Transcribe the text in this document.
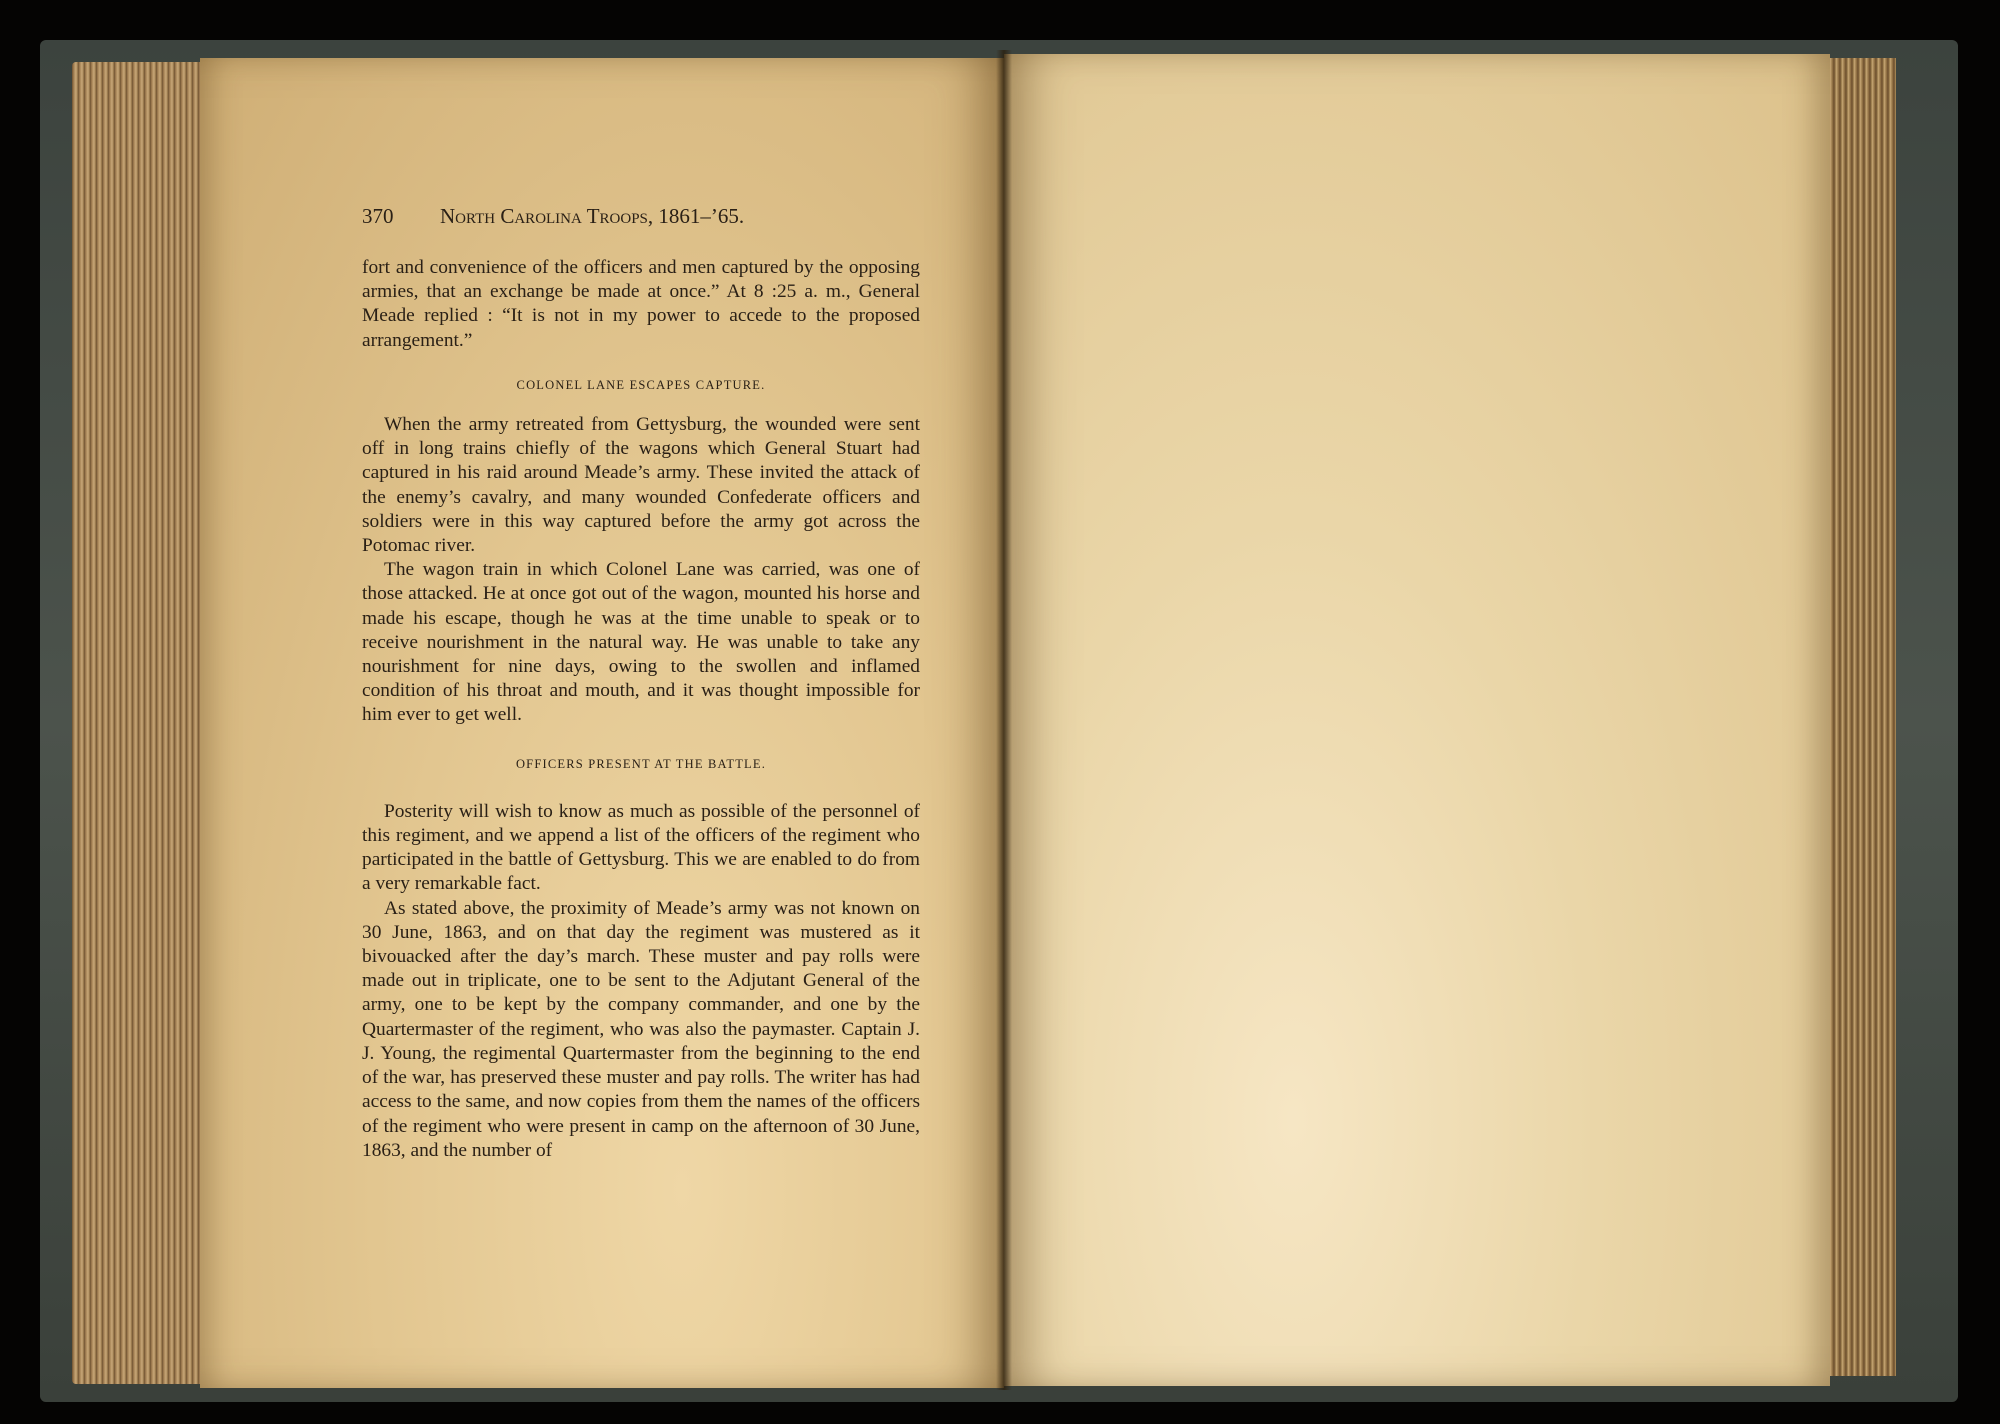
370 North Carolina Troops, 1861–’65.

fort and convenience of the officers and men captured by the opposing armies, that an exchange be made at once.” At 8 :25 a. m., General Meade replied : “It is not in my power to accede to the proposed arrangement.”

COLONEL LANE ESCAPES CAPTURE.

When the army retreated from Gettysburg, the wounded were sent off in long trains chiefly of the wagons which General Stuart had captured in his raid around Meade’s army. These invited the attack of the enemy’s cavalry, and many wounded Confederate officers and soldiers were in this way captured before the army got across the Potomac river.

The wagon train in which Colonel Lane was carried, was one of those attacked. He at once got out of the wagon, mounted his horse and made his escape, though he was at the time unable to speak or to receive nourishment in the natural way. He was unable to take any nourishment for nine days, owing to the swollen and inflamed condition of his throat and mouth, and it was thought impossible for him ever to get well.

OFFICERS PRESENT AT THE BATTLE.

Posterity will wish to know as much as possible of the personnel of this regiment, and we append a list of the officers of the regiment who participated in the battle of Gettysburg. This we are enabled to do from a very remarkable fact.

As stated above, the proximity of Meade’s army was not known on 30 June, 1863, and on that day the regiment was mustered as it bivouacked after the day’s march. These muster and pay rolls were made out in triplicate, one to be sent to the Adjutant General of the army, one to be kept by the company commander, and one by the Quartermaster of the regiment, who was also the paymaster. Captain J. J. Young, the regimental Quartermaster from the beginning to the end of the war, has preserved these muster and pay rolls. The writer has had access to the same, and now copies from them the names of the officers of the regiment who were present in camp on the afternoon of 30 June, 1863, and the number of
